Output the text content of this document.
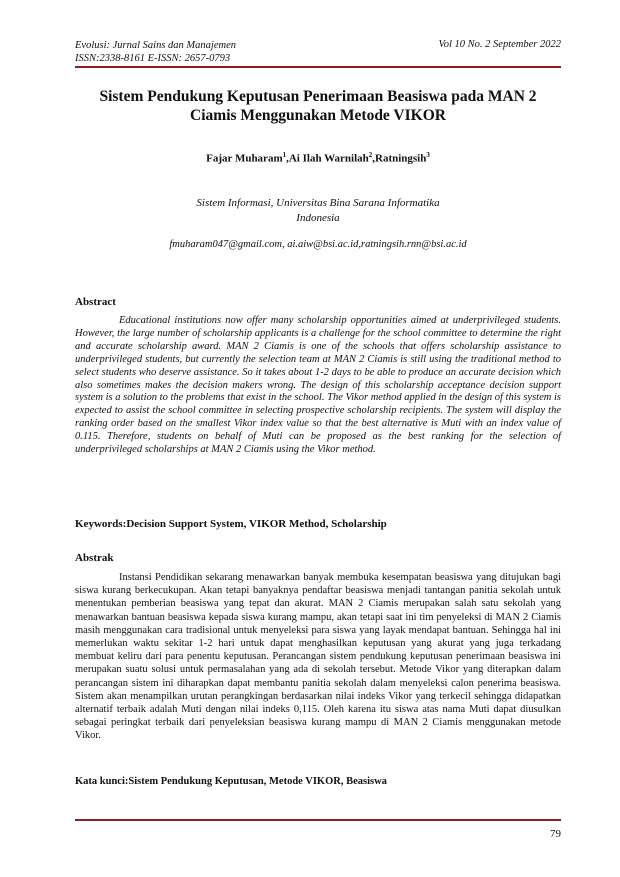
Evolusi: Jurnal Sains dan Manajemen
ISSN:2338-8161 E-ISSN: 2657-0793
Vol 10 No. 2 September 2022
Sistem Pendukung Keputusan Penerimaan Beasiswa pada MAN 2
Ciamis Menggunakan Metode VIKOR
Fajar Muharam$^1$,Ai Ilah Warnilah$^2$,Ratningsih$^3$
Sistem Informasi, Universitas Bina Sarana Informatika
Indonesia
fmuharam047@gmail.com, ai.aiw@bsi.ac.id,ratningsih.rnn@bsi.ac.id
Abstract
Educational institutions now offer many scholarship opportunities aimed at underprivileged students. However, the large number of scholarship applicants is a challenge for the school committee to determine the right and accurate scholarship award. MAN 2 Ciamis is one of the schools that offers scholarship assistance to underprivileged students, but currently the selection team at MAN 2 Ciamis is still using the traditional method to select students who deserve assistance. So it takes about 1-2 days to be able to produce an accurate decision which also sometimes makes the decision makers wrong. The design of this scholarship acceptance decision support system is a solution to the problems that exist in the school. The Vikor method applied in the design of this system is expected to assist the school committee in selecting prospective scholarship recipients. The system will display the ranking order based on the smallest Vikor index value so that the best alternative is Muti with an index value of 0.115. Therefore, students on behalf of Muti can be proposed as the best ranking for the selection of underprivileged scholarships at MAN 2 Ciamis using the Vikor method.
Keywords:Decision Support System, VIKOR Method, Scholarship
Abstrak
Instansi Pendidikan sekarang menawarkan banyak membuka kesempatan beasiswa yang ditujukan bagi siswa kurang berkecukupan. Akan tetapi banyaknya pendaftar beasiswa menjadi tantangan panitia sekolah untuk menentukan pemberian beasiswa yang tepat dan akurat. MAN 2 Ciamis merupakan salah satu sekolah yang menawarkan bantuan beasiswa kepada siswa kurang mampu, akan tetapi saat ini tim penyeleksi di MAN 2 Ciamis masih menggunakan cara tradisional untuk menyeleksi para siswa yang layak mendapat bantuan. Sehingga hal ini memerlukan waktu sekitar 1-2 hari untuk dapat menghasilkan keputusan yang akurat yang juga terkadang membuat keliru dari para penentu keputusan. Perancangan sistem pendukung keputusan penerimaan beasiswa ini merupakan suatu solusi untuk permasalahan yang ada di sekolah tersebut. Metode Vikor yang diterapkan dalam perancangan sistem ini diharapkan dapat membantu panitia sekolah dalam menyeleksi calon penerima beasiswa. Sistem akan menampilkan urutan perangkingan berdasarkan nilai indeks Vikor yang terkecil sehingga didapatkan alternatif terbaik adalah Muti dengan nilai indeks 0,115. Oleh karena itu siswa atas nama Muti dapat diusulkan sebagai peringkat terbaik dari penyeleksian beasiswa kurang mampu di MAN 2 Ciamis menggunakan metode Vikor.
Kata kunci:Sistem Pendukung Keputusan, Metode VIKOR, Beasiswa
79
